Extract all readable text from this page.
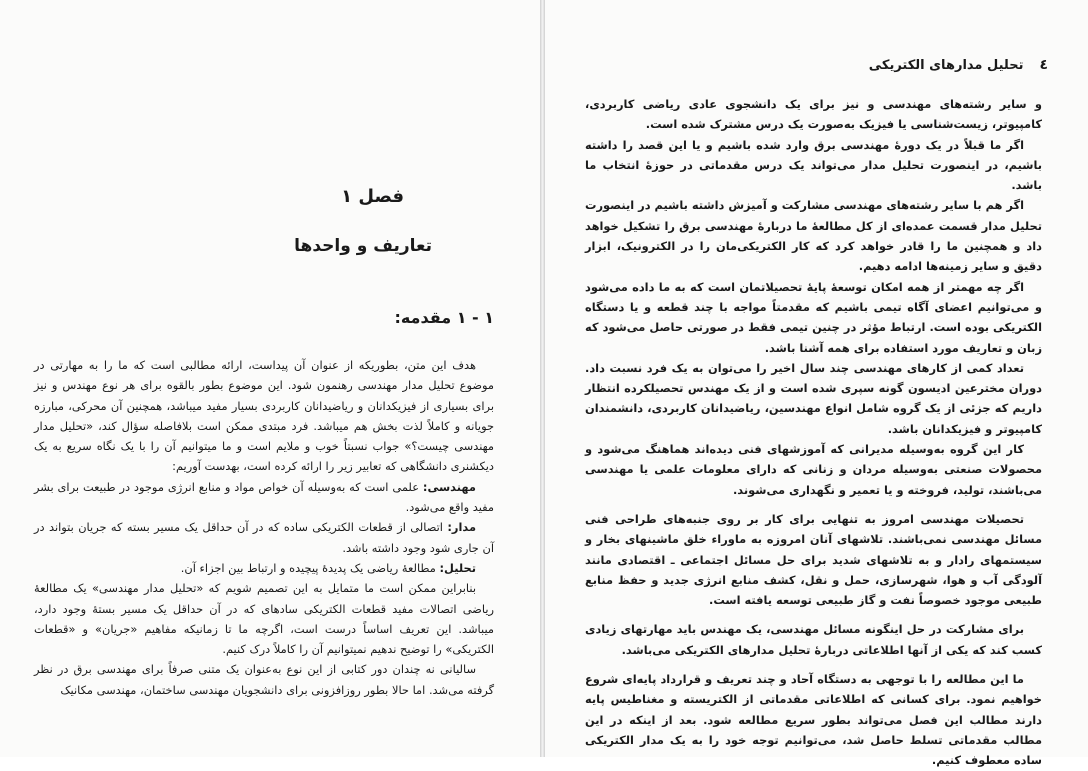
فصل ۱
تعاریف و واحدها
۱ - ۱ مقدمه:

هدف این متن، بطوریکه از عنوان آن پیداست، ارائه مطالبی است که ما را به مهارتی در موضوع تحلیل مدار مهندسی رهنمون شود. این موضوع بطور بالقوه برای هر نوع مهندس و نیز برای بسیاری از فیزیکدانان و ریاضیدانان کاربردی بسیار مفید میباشد، همچنین آن محرکی، مبارزه جویانه و کاملاً لذت بخش هم میباشد. فرد مبتدی ممکن است بلافاصله سؤال کند، «تحلیل مدار مهندسی چیست؟» جواب نسبتاً خوب و ملایم است و ما میتوانیم آن را با یک نگاه سریع به یک دیکشنری دانشگاهی که تعابیر زیر را ارائه کرده است، بهدست آوریم:

مهندسی: علمی است که به‌وسیله آن خواص مواد و منابع انرژی موجود در طبیعت برای بشر مفید واقع می‌شود.

مدار: اتصالی از قطعات الکتریکی ساده که در آن حداقل یک مسیر بسته که جریان بتواند در آن جاری شود وجود داشته باشد.

تحلیل: مطالعهٔ ریاضی یک پدیدهٔ پیچیده و ارتباط بین اجزاء آن.

بنابراین ممکن است ما متمایل به این تصمیم شویم که «تحلیل مدار مهندسی» یک مطالعهٔ ریاضی اتصالات مفید قطعات الکتریکی سادهای که در آن حداقل یک مسیر بستهٔ وجود دارد، میباشد. این تعریف اساساً درست است، اگرچه ما تا زمانیکه مفاهیم «جریان» و «قطعات الکتریکی» را توضیح ندهیم نمیتوانیم آن را کاملاً درک کنیم.

سالیانی نه چندان دور کتابی از این نوع به‌عنوان یک متنی صرفاً برای مهندسی برق در نظر گرفته می‌شد. اما حالا بطور روزافزونی برای دانشجویان مهندسی ساختمان، مهندسی مکانیک

٤
تحلیل مدارهای الکتریکی

و سایر رشته‌های مهندسی و نیز برای یک دانشجوی عادی ریاضی کاربردی، کامپیوتر، زیست‌شناسی یا فیزیک به‌صورت یک درس مشترک شده است.

اگر ما قبلاً در یک دورهٔ مهندسی برق وارد شده باشیم و یا این قصد را داشته باشیم، در اینصورت تحلیل مدار می‌تواند یک درس مقدماتی در حوزهٔ انتخاب ما باشد.

اگر هم با سایر رشته‌های مهندسی مشارکت و آمیزش داشته باشیم در اینصورت تحلیل مدار قسمت عمده‌ای از کل مطالعهٔ ما دربارهٔ مهندسی برق را تشکیل خواهد داد و همچنین ما را قادر خواهد کرد که کار الکتریکی‌مان را در الکترونیک، ابزار دقیق و سایر زمینه‌ها ادامه دهیم.

اگر چه مهمتر از همه امکان توسعهٔ پایهٔ تحصیلاتمان است که به ما داده می‌شود و می‌توانیم اعضای آگاه تیمی باشیم که مقدمتاً مواجه با چند قطعه و یا دستگاه الکتریکی بوده است. ارتباط مؤثر در چنین تیمی فقط در صورتی حاصل می‌شود که زبان و تعاریف مورد استفاده برای همه آشنا باشد.

تعداد کمی از کارهای مهندسی چند سال اخیر را می‌توان به یک فرد نسبت داد. دوران مخترعین ادیسون گونه سپری شده است و از یک مهندس تحصیلکرده انتظار داریم که جزئی از یک گروه شامل انواع مهندسین، ریاضیدانان کاربردی، دانشمندان کامپیوتر و فیزیکدانان باشد.

کار این گروه به‌وسیله مدیرانی که آموزشهای فنی دیده‌اند هماهنگ می‌شود و محصولات صنعتی به‌وسیله مردان و زنانی که دارای معلومات علمی یا مهندسی می‌باشند، تولید، فروخته و یا تعمیر و نگهداری می‌شوند.

تحصیلات مهندسی امروز به تنهایی برای کار بر روی جنبه‌های طراحی فنی مسائل مهندسی نمی‌باشند. تلاشهای آنان امروزه به ماوراء خلق ماشینهای بخار و سیستمهای رادار و به تلاشهای شدید برای حل مسائل اجتماعی ـ اقتصادی مانند آلودگی آب و هوا، شهرسازی، حمل و نقل، کشف منابع انرژی جدید و حفظ منابع طبیعی موجود خصوصاً نفت و گاز طبیعی توسعه یافته است.

برای مشارکت در حل اینگونه مسائل مهندسی، یک مهندس باید مهارتهای زیادی کسب کند که یکی از آنها اطلاعاتی دربارهٔ تحلیل مدارهای الکتریکی می‌باشد.

ما این مطالعه را با توجهی به دستگاه آحاد و چند تعریف و قرارداد پایه‌ای شروع خواهیم نمود. برای کسانی که اطلاعاتی مقدماتی از الکتریسته و مغناطیس پایه دارند مطالب این فصل می‌تواند بطور سریع مطالعه شود. بعد از اینکه در این مطالب مقدماتی تسلط حاصل شد، می‌توانیم توجه خود را به یک مدار الکتریکی ساده معطوف کنیم.
